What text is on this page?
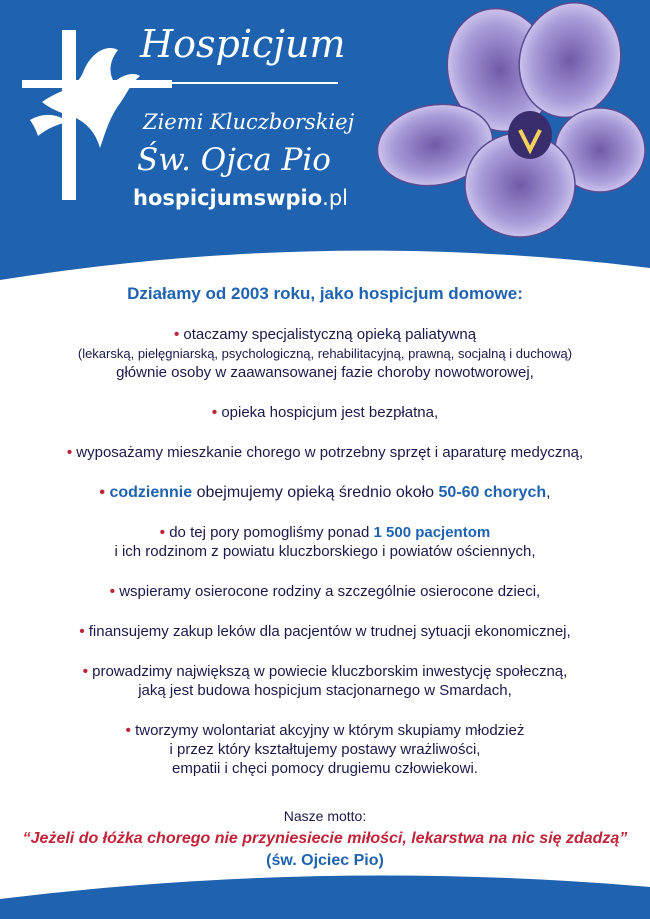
Hospicjum
Ziemi Kluczborskiej
Św. Ojca Pio
hospicjumswpio.pl
Działamy od 2003 roku, jako hospicjum domowe:
• otaczamy specjalistyczną opieką paliatywną
(lekarską, pielęgniarską, psychologiczną, rehabilitacyjną, prawną, socjalną i duchową)
głównie osoby w zaawansowanej fazie choroby nowotworowej,
• opieka hospicjum jest bezpłatna,
• wyposażamy mieszkanie chorego w potrzebny sprzęt i aparaturę medyczną,
• codziennie obejmujemy opieką średnio około 50-60 chorych,
• do tej pory pomogliśmy ponad 1 500 pacjentom
i ich rodzinom z powiatu kluczborskiego i powiatów ościennych,
• wspieramy osierocone rodziny a szczególnie osierocone dzieci,
• finansujemy zakup leków dla pacjentów w trudnej sytuacji ekonomicznej,
• prowadzimy największą w powiecie kluczborskim inwestycję społeczną,
jaką jest budowa hospicjum stacjonarnego w Smardach,
• tworzymy wolontariat akcyjny w którym skupiamy młodzież
i przez który kształtujemy postawy wrażliwości,
empatii i chęci pomocy drugiemu człowiekowi.
Nasze motto:
“Jeżeli do łóżka chorego nie przyniesiecie miłości, lekarstwa na nic się zdadzą”
(św. Ojciec Pio)
